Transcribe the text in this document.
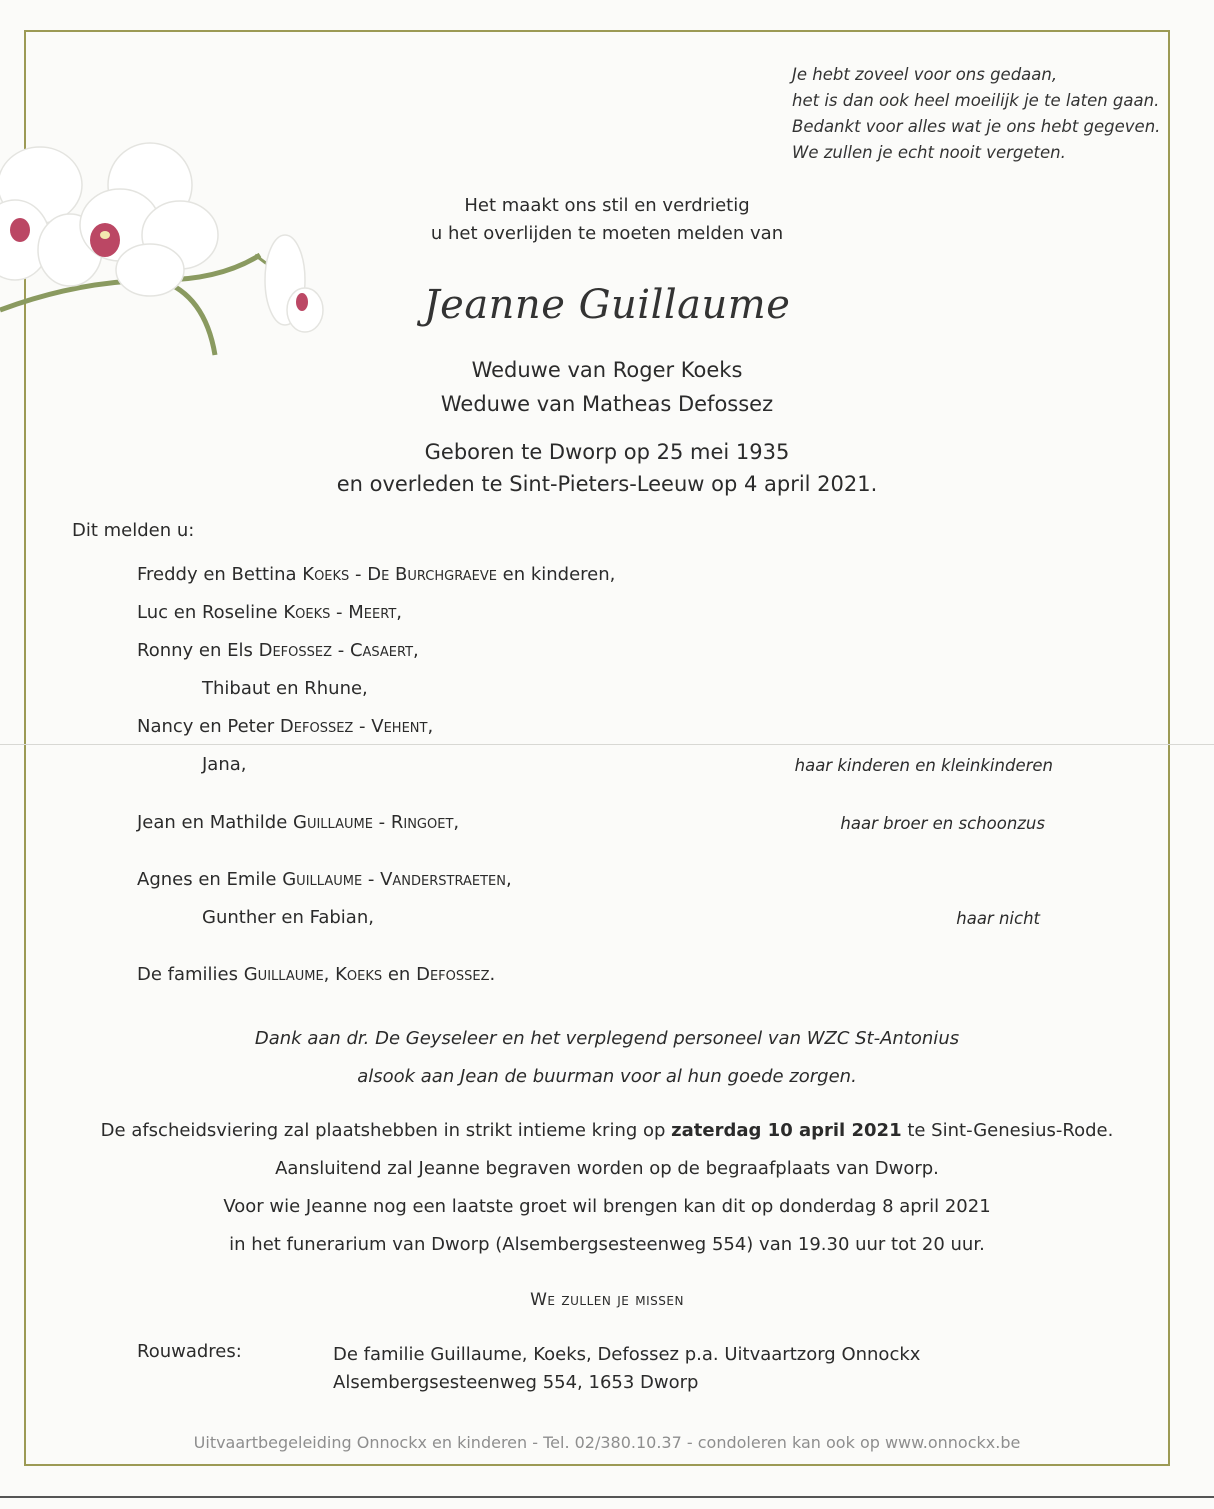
Je hebt zoveel voor ons gedaan,
het is dan ook heel moeilijk je te laten gaan.
Bedankt voor alles wat je ons hebt gegeven.
We zullen je echt nooit vergeten.
Het maakt ons stil en verdrietig
u het overlijden te moeten melden van
Jeanne Guillaume
Weduwe van Roger Koeks
Weduwe van Matheas Defossez
Geboren te Dworp op 25 mei 1935
en overleden te Sint-Pieters-Leeuw op 4 april 2021.
Dit melden u:
Freddy en Bettina Koeks - De Burchgraeve en kinderen,
Luc en Roseline Koeks - Meert,
Ronny en Els Defossez - Casaert,
Thibaut en Rhune,
Nancy en Peter Defossez - Vehent,
Jana,	haar kinderen en kleinkinderen
Jean en Mathilde Guillaume - Ringoet,	haar broer en schoonzus
Agnes en Emile Guillaume - Vanderstraeten,
Gunther en Fabian,	haar nicht
De families Guillaume, Koeks en Defossez.
Dank aan dr. De Geyseleer en het verplegend personeel van WZC St-Antonius
alsook aan Jean de buurman voor al hun goede zorgen.
De afscheidsviering zal plaatshebben in strikt intieme kring op zaterdag 10 april 2021 te Sint-Genesius-Rode.
Aansluitend zal Jeanne begraven worden op de begraafplaats van Dworp.
Voor wie Jeanne nog een laatste groet wil brengen kan dit op donderdag 8 april 2021
in het funerarium van Dworp (Alsembergsesteenweg 554) van 19.30 uur tot 20 uur.
We zullen je missen
Rouwadres:	De familie Guillaume, Koeks, Defossez p.a. Uitvaartzorg Onnockx
Alsembergsesteenweg 554, 1653 Dworp
Uitvaartbegeleiding Onnockx en kinderen - Tel. 02/380.10.37 - condoleren kan ook op www.onnockx.be
